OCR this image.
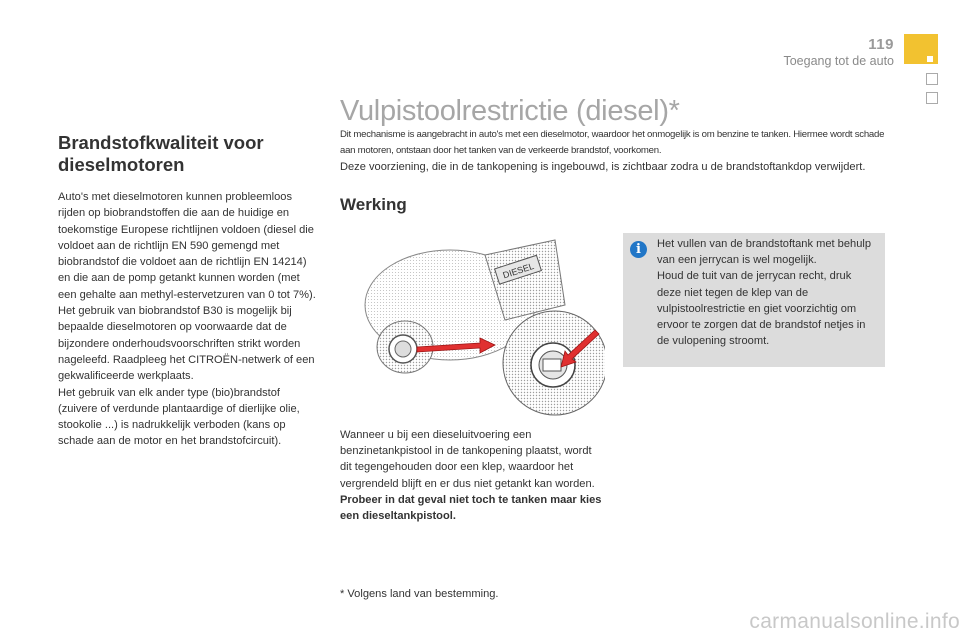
119
Toegang tot de auto
Brandstofkwaliteit voor dieselmotoren

Auto's met dieselmotoren kunnen probleemloos rijden op biobrandstoffen die aan de huidige en toekomstige Europese richtlijnen voldoen (diesel die voldoet aan de richtlijn EN 590 gemengd met biobrandstof die voldoet aan de richtlijn EN 14214) en die aan de pomp getankt kunnen worden (met een gehalte aan methyl-estervetzuren van 0 tot 7%).

Het gebruik van biobrandstof B30 is mogelijk bij bepaalde dieselmotoren op voorwaarde dat de bijzondere onderhoudsvoorschriften strikt worden nageleefd. Raadpleeg het CITROËN-netwerk of een gekwalificeerde werkplaats.

Het gebruik van elk ander type (bio)brandstof (zuivere of verdunde plantaardige of dierlijke olie, stookolie ...) is nadrukkelijk verboden (kans op schade aan de motor en het brandstofcircuit).

Vulpistoolrestrictie (diesel)*
Dit mechanisme is aangebracht in auto's met een dieselmotor, waardoor het onmogelijk is om benzine te tanken. Hiermee wordt schade aan motoren, ontstaan door het tanken van de verkeerde brandstof, voorkomen.
Deze voorziening, die in de tankopening is ingebouwd, is zichtbaar zodra u de brandstoftankdop verwijdert.
Werking
DIESEL
i	Het vullen van de brandstoftank met behulp van een jerrycan is wel mogelijk.

Houd de tuit van de jerrycan recht, druk deze niet tegen de klep van de vulpistoolrestrictie en giet voorzichtig om ervoor te zorgen dat de brandstof netjes in de vulopening stroomt.

Wanneer u bij een dieseluitvoering een benzinetankpistool in de tankopening plaatst, wordt dit tegengehouden door een klep, waardoor het vergrendeld blijft en er dus niet getankt kan worden.

Probeer in dat geval niet toch te tanken maar kies een dieseltankpistool.

* Volgens land van bestemming.
carmanualsonline.info
